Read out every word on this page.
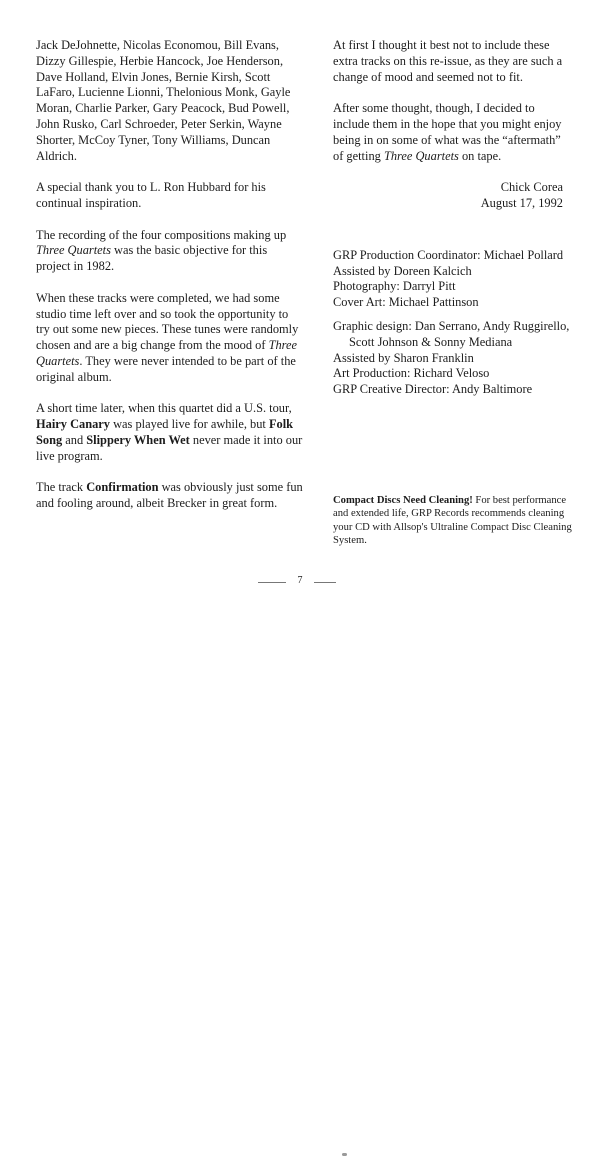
Jack DeJohnette, Nicolas Economou, Bill Evans, Dizzy Gillespie, Herbie Hancock, Joe Henderson, Dave Holland, Elvin Jones, Bernie Kirsh, Scott LaFaro, Lucienne Lionni, Thelonious Monk, Gayle Moran, Charlie Parker, Gary Peacock, Bud Powell, John Rusko, Carl Schroeder, Peter Serkin, Wayne Shorter, McCoy Tyner, Tony Williams, Duncan Aldrich.

A special thank you to L. Ron Hubbard for his continual inspiration.

The recording of the four compositions making up Three Quartets was the basic objective for this project in 1982.

When these tracks were completed, we had some studio time left over and so took the opportunity to try out some new pieces. These tunes were randomly chosen and are a big change from the mood of Three Quartets. They were never intended to be part of the original album.

A short time later, when this quartet did a U.S. tour, Hairy Canary was played live for awhile, but Folk Song and Slippery When Wet never made it into our live program.

The track Confirmation was obviously just some fun and fooling around, albeit Brecker in great form.

At first I thought it best not to include these extra tracks on this re-issue, as they are such a change of mood and seemed not to fit.

After some thought, though, I decided to include them in the hope that you might enjoy being in on some of what was the “aftermath” of getting Three Quartets on tape.

Chick Corea
August 17, 1992
GRP Production Coordinator: Michael Pollard
Assisted by Doreen Kalcich
Photography: Darryl Pitt
Cover Art: Michael Pattinson
Graphic design: Dan Serrano, Andy Ruggirello, Scott Johnson & Sonny Mediana
Assisted by Sharon Franklin
Art Production: Richard Veloso
GRP Creative Director: Andy Baltimore
Compact Discs Need Cleaning! For best performance and extended life, GRP Records recommends cleaning your CD with Allsop's Ultraline Compact Disc Cleaning System.
7
